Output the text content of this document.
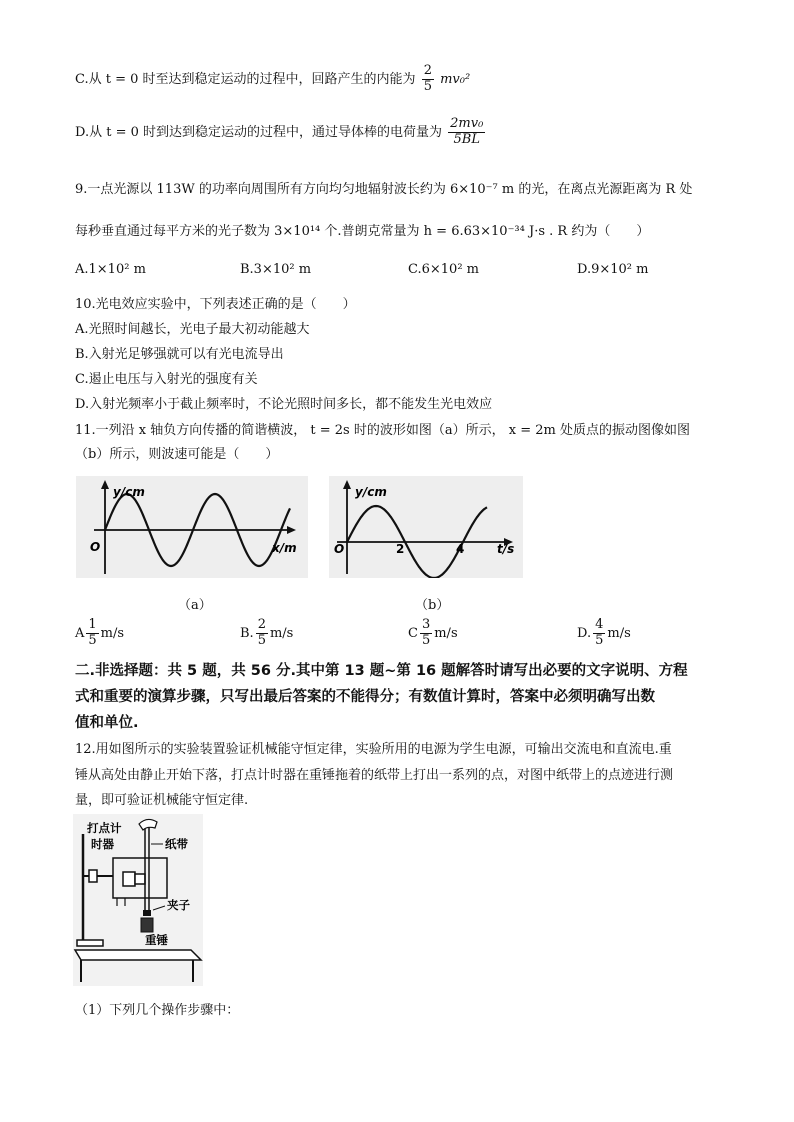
C.从 t = 0 时至达到稳定运动的过程中，回路产生的内能为 $\frac{2}{5} mv_0^2$
D.从 t = 0 时到达到稳定运动的过程中，通过导体棒的电荷量为 $\frac{\text{2mv₀}}{5BL}$
9.一点光源以 113W 的功率向周围所有方向均匀地辐射波长约为 6×10⁻⁷ m 的光，在离点光源距离为 R 处
每秒垂直通过每平方米的光子数为 3×10¹⁴ 个.普朗克常量为 h = 6.63×10⁻³⁴ J·s . R 约为（　　）
A.1×10² m	B.3×10² m	C.6×10² m	D.9×10² m
10.光电效应实验中，下列表述正确的是（　　）
A.光照时间越长，光电子最大初动能越大
B.入射光足够强就可以有光电流导出
C.遏止电压与入射光的强度有关
D.入射光频率小于截止频率时，不论光照时间多长，都不能发生光电效应
11.一列沿 x 轴负方向传播的简谐横波， t = 2s 时的波形如图（a）所示， x = 2m 处质点的振动图像如图
（b）所示，则波速可能是（　　）
y/cm
O	x/m
（a）
y/cm
O	2	4	t/s
（b）
A $\frac{1}{5} m/s$	B. $\frac{2}{5} m/s$	C $\frac{3}{5} m/s$	D. $\frac{4}{5} m/s$
二.非选择题：共 5 题，共 56 分.其中第 13 题~第 16 题解答时请写出必要的文字说明、方程
式和重要的演算步骤，只写出最后答案的不能得分；有数值计算时，答案中必须明确写出数
值和单位.
12.用如图所示的实验装置验证机械能守恒定律，实验所用的电源为学生电源，可输出交流电和直流电.重
锤从高处由静止开始下落，打点计时器在重锤拖着的纸带上打出一系列的点，对图中纸带上的点迹进行测
量，即可验证机械能守恒定律.
打点计
时器	纸带
夹子
重锤
（1）下列几个操作步骤中：
